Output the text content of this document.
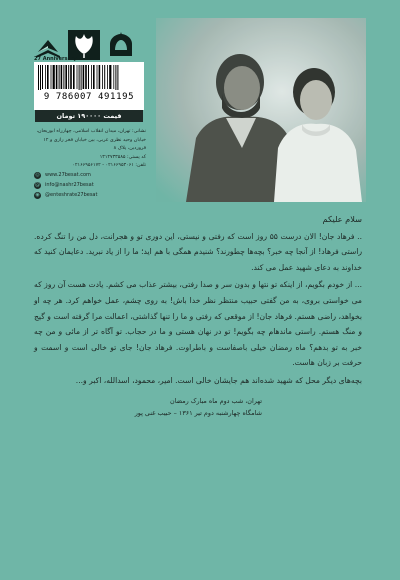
27 Anniversary
9 786007 491195
قیمت ۱۹۰۰۰۰ تومان
نشانی: تهران، میدان انقلاب اسلامی، چهارراه ابوریحان،
خیابان وحید نظری غربی، بین خیابان فخر رازی و ۱۲ فروردین، پلاک ۸
کد پستی: ۱۳۱۴۷۳۳۵۸۵
تلفن: ۰۲۱۶۶۹۵۳۰۶۱ - ۰۲۱۶۶۹۵۶۱۷۲
◎ www.27besat.com
@ info@nashr27besat
◉ @enteshrate27besat
سلام علیکم

.. فرهاد جان! الان درست ۵۵ روز است که رفتی و نیستی، این دوری تو و هجرانت، دل من را تنگ کرده. راستی فرهاد! از آنجا چه خبر؟ بچه‌ها چطورند؟ شنیدم همگی با هم اید؛ ما را از یاد نبرید. دعایمان کنید که خداوند به دعای شهید عمل می کند.

... از خودم بگویم، از اینکه تو نتها و بدون سر و صدا رفتی، بیشتر عذاب می کشم. یادت هست آن روز که می خواستی بروی، به من گفتی حبیب منتظر نظر خدا باش! به روی چشم، عمل خواهم کرد. هر چه او بخواهد، راضی هستم. فرهاد جان! از موقعی که رفتی و ما را تنها گذاشتی، اعمالت مرا گرفته است و گیج و منگ هستم. راستی ماندهام چه بگویم! تو در نهان هستی و ما در حجاب. تو آگاه تر از مائی و من چه خبر به تو بدهم؟ ماه رمضان خیلی باصفاست و باطراوت. فرهاد جان! جای تو خالی است و اسمت و حرفت بر زبان هاست.

بچه‌های دیگر محل که شهید شده‌اند هم جایشان خالی است. امیر، محمود، اسدالله، اکبر و...

تهران، شب دوم ماه مبارک رمضان
شامگاه چهارشنبه دوم تیر ۱۳۶۱ – حبیب غنی پور
